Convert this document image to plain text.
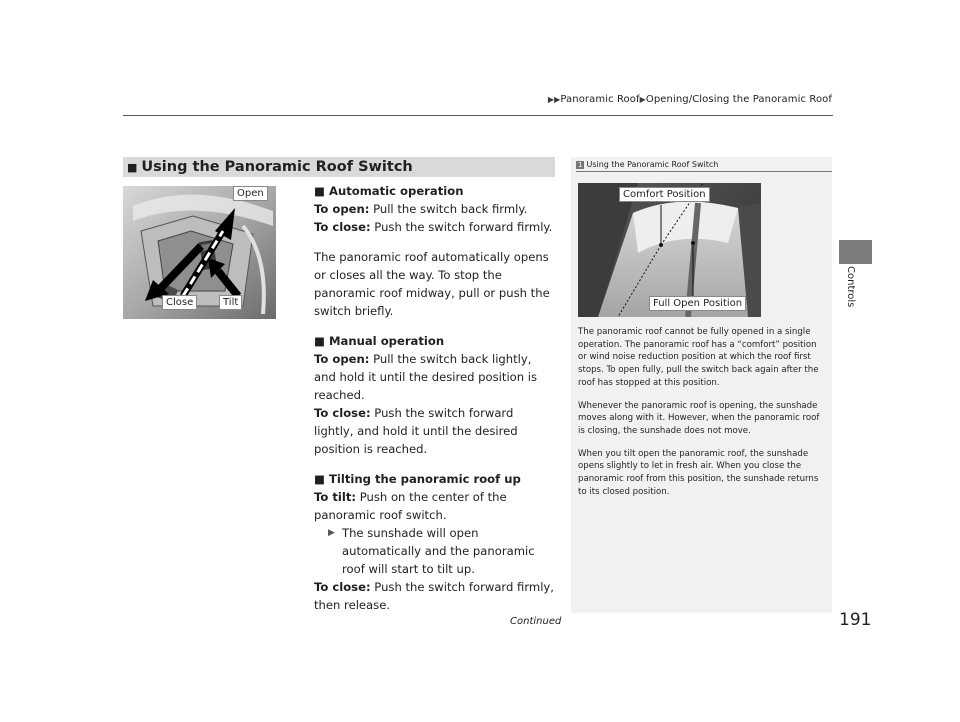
▶▶Panoramic Roof▶Opening/Closing the Panoramic Roof
Controls
■ Using the Panoramic Roof Switch
Open
Close	Tilt
■ Automatic operation
To open: Pull the switch back firmly.
To close: Push the switch forward firmly.
The panoramic roof automatically opens or closes all the way. To stop the panoramic roof midway, pull or push the switch briefly.
■ Manual operation
To open: Pull the switch back lightly, and hold it until the desired position is reached.
To close: Push the switch forward lightly, and hold it until the desired position is reached.
■ Tilting the panoramic roof up
To tilt: Push on the center of the panoramic roof switch.
▶ The sunshade will open automatically and the panoramic roof will start to tilt up.
To close: Push the switch forward firmly, then release.
1 Using the Panoramic Roof Switch
Comfort Position
Full Open Position

The panoramic roof cannot be fully opened in a single operation. The panoramic roof has a “comfort” position or wind noise reduction position at which the roof first stops. To open fully, pull the switch back again after the roof has stopped at this position.

Whenever the panoramic roof is opening, the sunshade moves along with it. However, when the panoramic roof is closing, the sunshade does not move.

When you tilt open the panoramic roof, the sunshade opens slightly to let in fresh air. When you close the panoramic roof from this position, the sunshade returns to its closed position.

Continued	191
